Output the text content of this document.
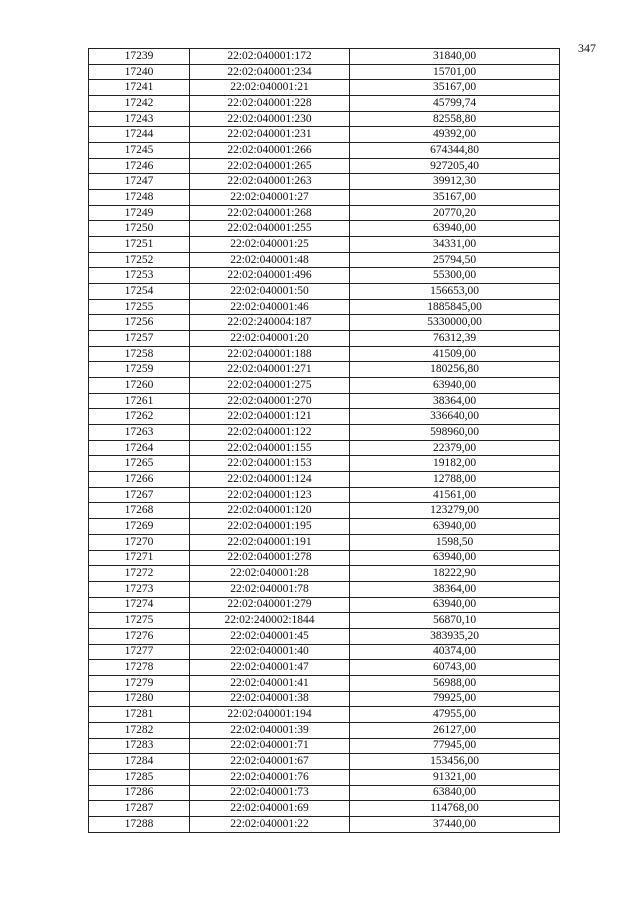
347
17239	22:02:040001:172	31840,00
17240	22:02:040001:234	15701,00
17241	22:02:040001:21	35167,00
17242	22:02:040001:228	45799,74
17243	22:02:040001:230	82558,80
17244	22:02:040001:231	49392,00
17245	22:02:040001:266	674344,80
17246	22:02:040001:265	927205,40
17247	22:02:040001:263	39912,30
17248	22:02:040001:27	35167,00
17249	22:02:040001:268	20770,20
17250	22:02:040001:255	63940,00
17251	22:02:040001:25	34331,00
17252	22:02:040001:48	25794,50
17253	22:02:040001:496	55300,00
17254	22:02:040001:50	156653,00
17255	22:02:040001:46	1885845,00
17256	22:02:240004:187	5330000,00
17257	22:02:040001:20	76312,39
17258	22:02:040001:188	41509,00
17259	22:02:040001:271	180256,80
17260	22:02:040001:275	63940,00
17261	22:02:040001:270	38364,00
17262	22:02:040001:121	336640,00
17263	22:02:040001:122	598960,00
17264	22:02:040001:155	22379,00
17265	22:02:040001:153	19182,00
17266	22:02:040001:124	12788,00
17267	22:02:040001:123	41561,00
17268	22:02:040001:120	123279,00
17269	22:02:040001:195	63940,00
17270	22:02:040001:191	1598,50
17271	22:02:040001:278	63940,00
17272	22:02:040001:28	18222,90
17273	22:02:040001:78	38364,00
17274	22:02:040001:279	63940,00
17275	22:02:240002:1844	56870,10
17276	22:02:040001:45	383935,20
17277	22:02:040001:40	40374,00
17278	22:02:040001:47	60743,00
17279	22:02:040001:41	56988,00
17280	22:02:040001:38	79925,00
17281	22:02:040001:194	47955,00
17282	22:02:040001:39	26127,00
17283	22:02:040001:71	77945,00
17284	22:02:040001:67	153456,00
17285	22:02:040001:76	91321,00
17286	22:02:040001:73	63840,00
17287	22:02:040001:69	114768,00
17288	22:02:040001:22	37440,00
